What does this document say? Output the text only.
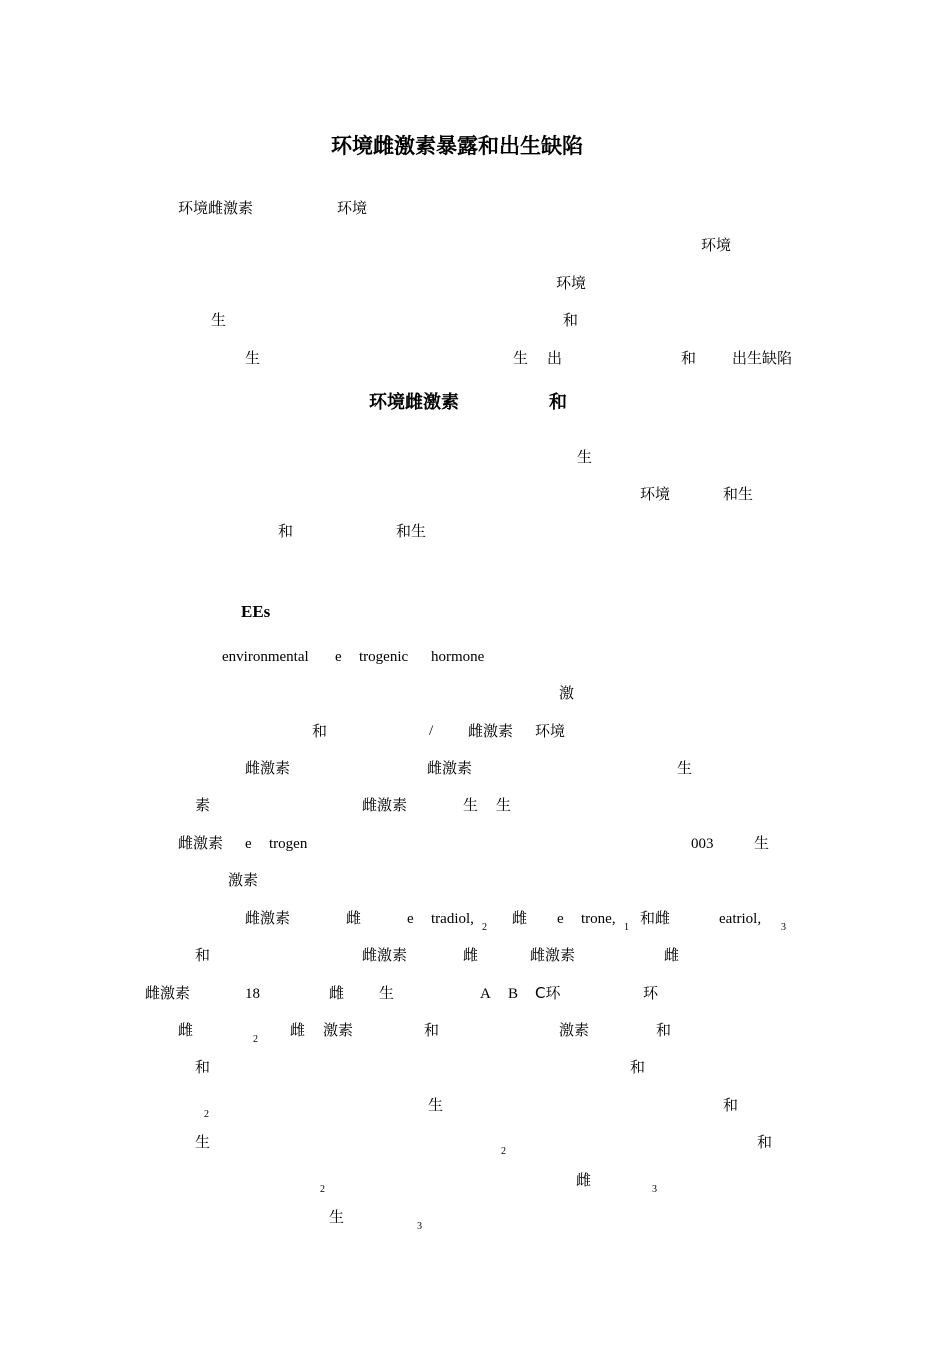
环境雌激素暴露和出生缺陷
环境雌激素	环境
环境
环境
生	和
生	生 出	和 出生缺陷
环境雌激素	和
生
环境	和生
和	和生
EEs
environmental e trogenic hormone
激
和	/ 雌激素 环境
雌激素	雌激素	生
素	雌激素	生 生
雌激素 e trogen	003	生
激素
雌激素	雌	e tradiol,
2
雌 e trone,
1
和雌	eatriol,
3
和	雌激素	雌	雌激素	雌
雌激素	18	雌 生	A B C环	环
雌
2
雌 激素	和	激素	和
和	和
2
生	和
生
2
和
2
雌
3
生
3
